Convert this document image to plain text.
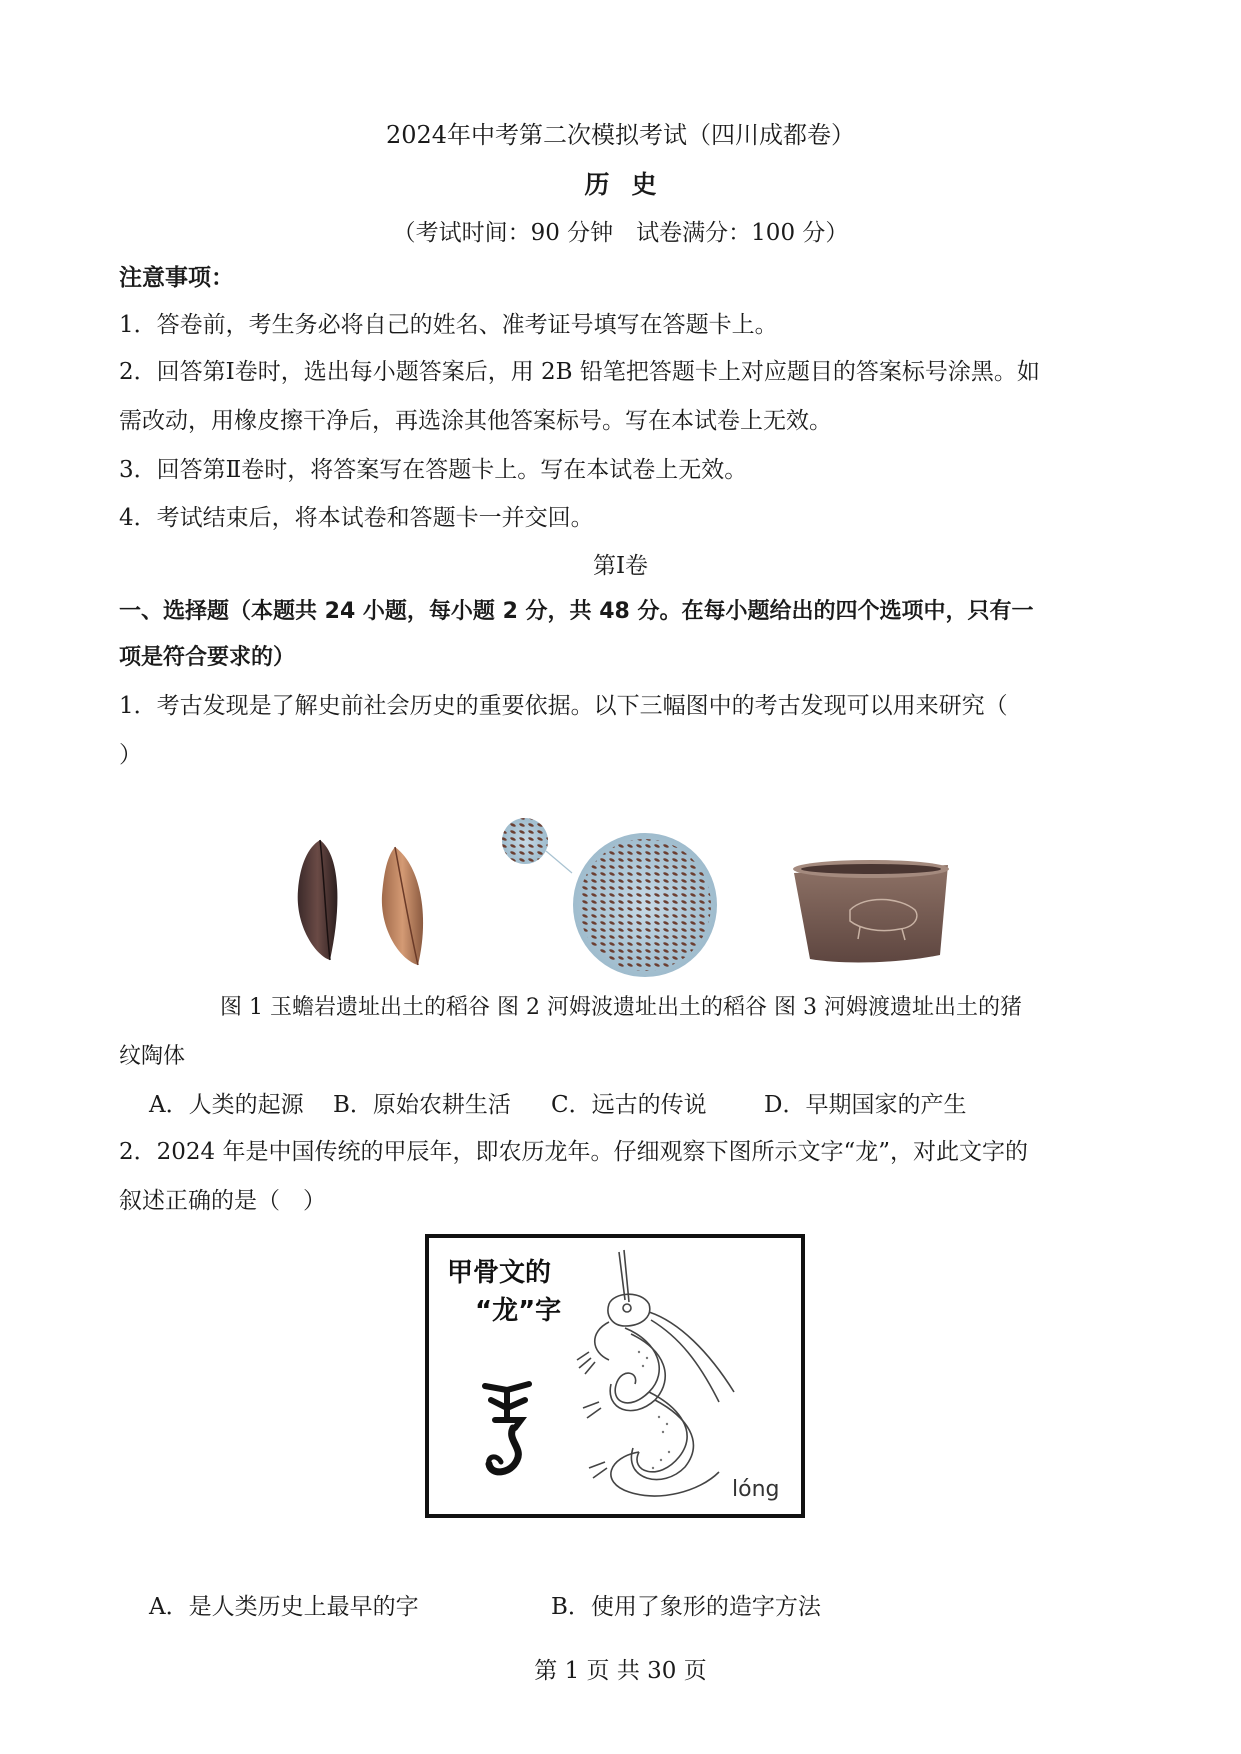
2024年中考第二次模拟考试（四川成都卷）
历史
（考试时间：90 分钟　试卷满分：100 分）
注意事项：
1．答卷前，考生务必将自己的姓名、准考证号填写在答题卡上。
2．回答第Ⅰ卷时，选出每小题答案后，用 2B 铅笔把答题卡上对应题目的答案标号涂黑。如
需改动，用橡皮擦干净后，再选涂其他答案标号。写在本试卷上无效。
3．回答第Ⅱ卷时，将答案写在答题卡上。写在本试卷上无效。
4．考试结束后，将本试卷和答题卡一并交回。
第Ⅰ卷
一、选择题（本题共 24 小题，每小题 2 分，共 48 分。在每小题给出的四个选项中，只有一
项是符合要求的）
1．考古发现是了解史前社会历史的重要依据。以下三幅图中的考古发现可以用来研究（
）
图 1 玉蟾岩遗址出土的稻谷 图 2 河姆波遗址出土的稻谷 图 3 河姆渡遗址出土的猪
纹陶体
A．人类的起源 B．原始农耕生活 C．远古的传说 D．早期国家的产生
2．2024 年是中国传统的甲辰年，即农历龙年。仔细观察下图所示文字“龙”，对此文字的
叙述正确的是（　）
甲骨文的
“龙”字
lóng
A．是人类历史上最早的字	B．使用了象形的造字方法
第 1 页 共 30 页
